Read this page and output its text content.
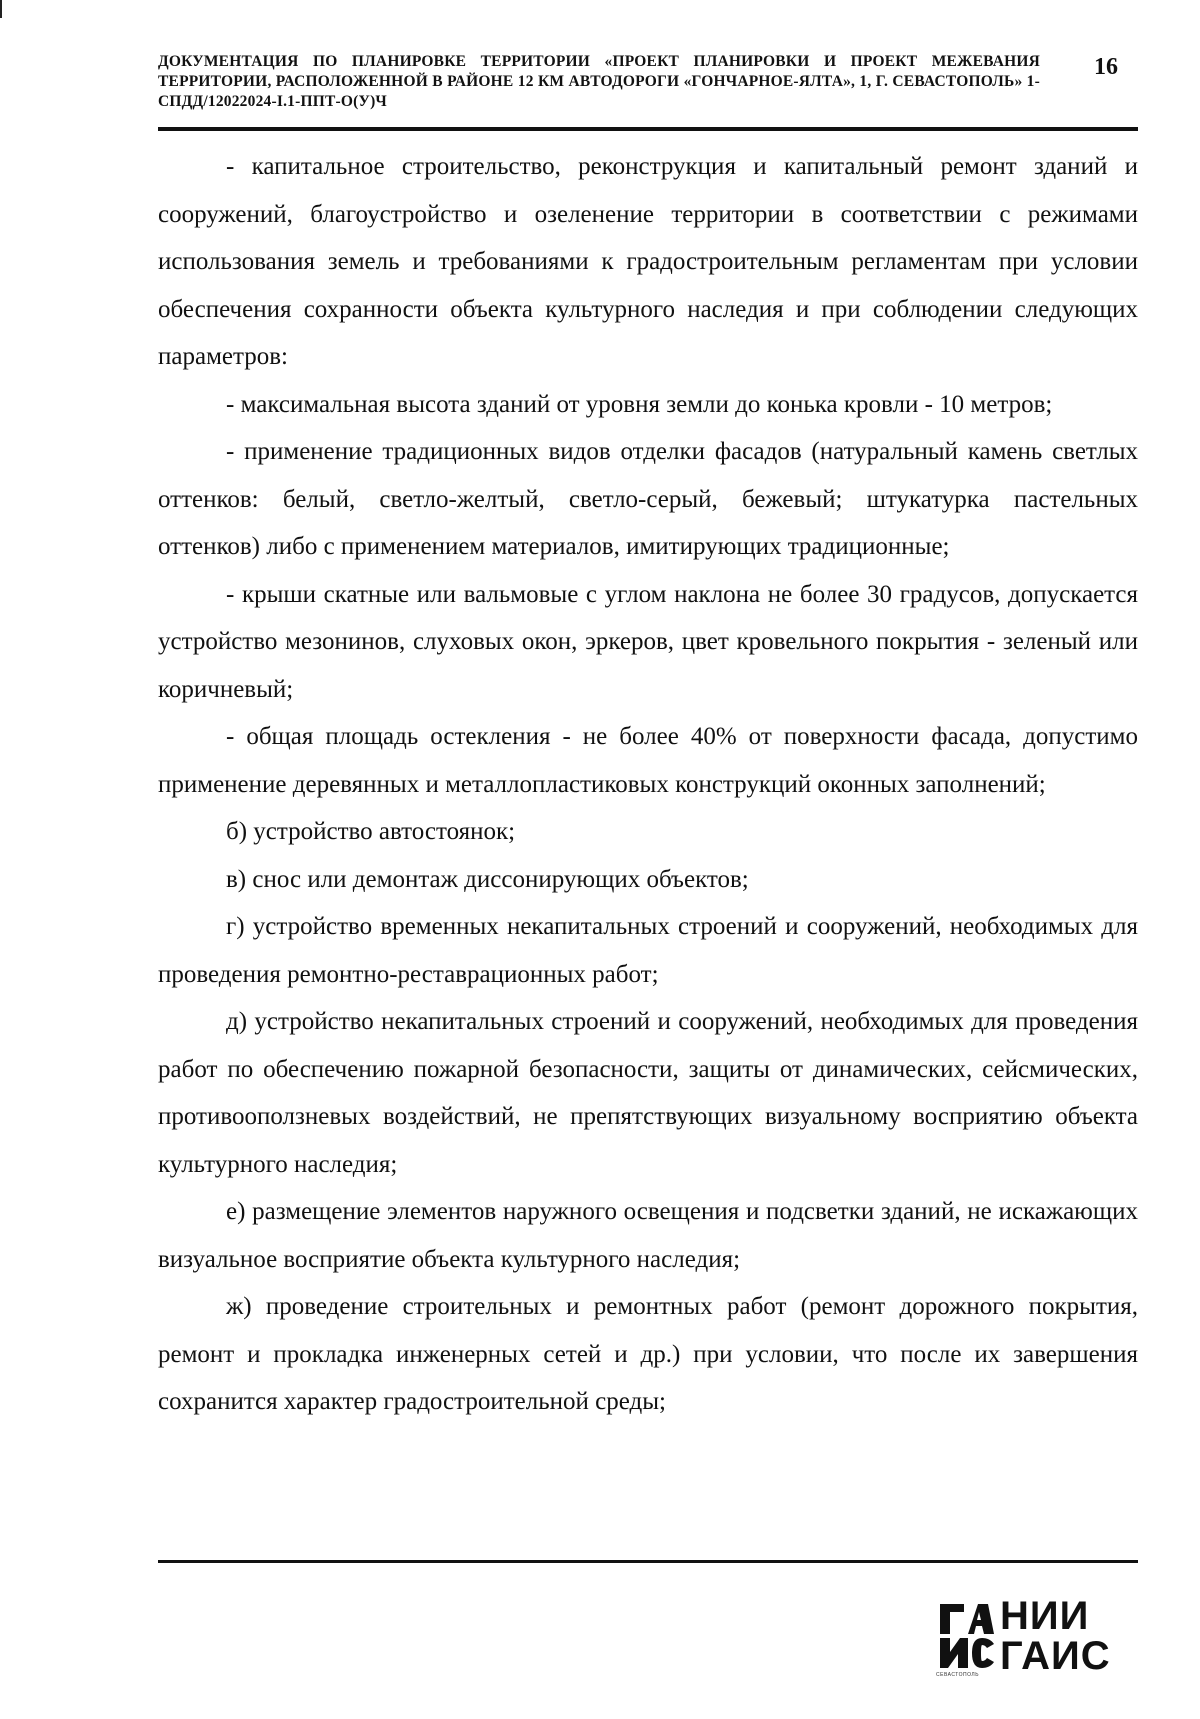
ДОКУМЕНТАЦИЯ ПО ПЛАНИРОВКЕ ТЕРРИТОРИИ «ПРОЕКТ ПЛАНИРОВКИ И ПРОЕКТ МЕЖЕВАНИЯ ТЕРРИТОРИИ, РАСПОЛОЖЕННОЙ В РАЙОНЕ 12 КМ АВТОДОРОГИ «ГОНЧАРНОЕ-ЯЛТА», 1, Г. СЕВАСТОПОЛЬ» 1-СПДД/12022024-I.1-ППТ-О(У)Ч
16

- капитальное строительство, реконструкция и капитальный ремонт зданий и сооружений, благоустройство и озеленение территории в соответствии с режимами использования земель и требованиями к градостроительным регламентам при условии обеспечения сохранности объекта культурного наследия и при соблюдении следующих параметров:

- максимальная высота зданий от уровня земли до конька кровли - 10 метров;

- применение традиционных видов отделки фасадов (натуральный камень светлых оттенков: белый, светло-желтый, светло-серый, бежевый; штукатурка пастельных оттенков) либо с применением материалов, имитирующих традиционные;

- крыши скатные или вальмовые с углом наклона не более 30 градусов, допускается устройство мезонинов, слуховых окон, эркеров, цвет кровельного покрытия - зеленый или коричневый;

- общая площадь остекления - не более 40% от поверхности фасада, допустимо применение деревянных и металлопластиковых конструкций оконных заполнений;

б) устройство автостоянок;

в) снос или демонтаж диссонирующих объектов;

г) устройство временных некапитальных строений и сооружений, необходимых для проведения ремонтно-реставрационных работ;

д) устройство некапитальных строений и сооружений, необходимых для проведения работ по обеспечению пожарной безопасности, защиты от динамических, сейсмических, противооползневых воздействий, не препятствующих визуальному восприятию объекта культурного наследия;

е) размещение элементов наружного освещения и подсветки зданий, не искажающих визуальное восприятие объекта культурного наследия;

ж) проведение строительных и ремонтных работ (ремонт дорожного покрытия, ремонт и прокладка инженерных сетей и др.) при условии, что после их завершения сохранится характер градостроительной среды;

НИИ
ГАИС
СЕВАСТОПОЛЬ
